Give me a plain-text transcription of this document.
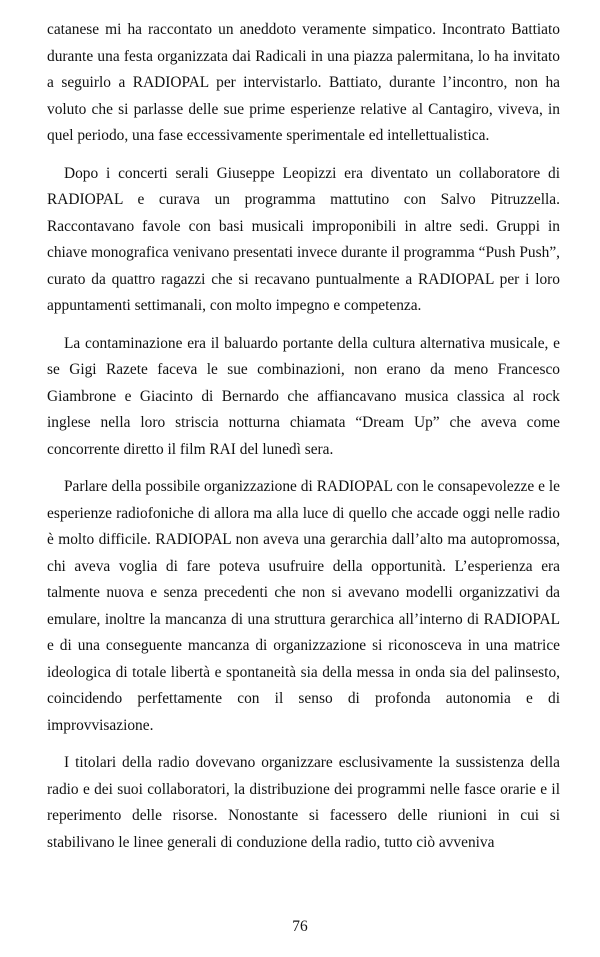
catanese mi ha raccontato un aneddoto veramente simpatico. Incontrato Battiato durante una festa organizzata dai Radicali in una piazza palermitana, lo ha invitato a seguirlo a RADIOPAL per intervistarlo. Battiato, durante l’incontro, non ha voluto che si parlasse delle sue prime esperienze relative al Cantagiro, viveva, in quel periodo, una fase eccessivamente sperimentale ed intellettualistica.

Dopo i concerti serali Giuseppe Leopizzi era diventato un collaboratore di RADIOPAL e curava un programma mattutino con Salvo Pitruzzella. Raccontavano favole con basi musicali improponibili in altre sedi. Gruppi in chiave monografica venivano presentati invece durante il programma “Push Push”, curato da quattro ragazzi che si recavano puntualmente a RADIOPAL per i loro appuntamenti settimanali, con molto impegno e competenza.

La contaminazione era il baluardo portante della cultura alternativa musicale, e se Gigi Razete faceva le sue combinazioni, non erano da meno Francesco Giambrone e Giacinto di Bernardo che affiancavano musica classica al rock inglese nella loro striscia notturna chiamata “Dream Up” che aveva come concorrente diretto il film RAI del lunedì sera.

Parlare della possibile organizzazione di RADIOPAL con le consapevolezze e le esperienze radiofoniche di allora ma alla luce di quello che accade oggi nelle radio è molto difficile. RADIOPAL non aveva una gerarchia dall’alto ma autopromossa, chi aveva voglia di fare poteva usufruire della opportunità. L’esperienza era talmente nuova e senza precedenti che non si avevano modelli organizzativi da emulare, inoltre la mancanza di una struttura gerarchica all’interno di RADIOPAL e di una conseguente mancanza di organizzazione si riconosceva in una matrice ideologica di totale libertà e spontaneità sia della messa in onda sia del palinsesto, coincidendo perfettamente con il senso di profonda autonomia e di improvvisazione.

I titolari della radio dovevano organizzare esclusivamente la sussistenza della radio e dei suoi collaboratori, la distribuzione dei programmi nelle fasce orarie e il reperimento delle risorse. Nonostante si facessero delle riunioni in cui si stabilivano le linee generali di conduzione della radio, tutto ciò avveniva

76
